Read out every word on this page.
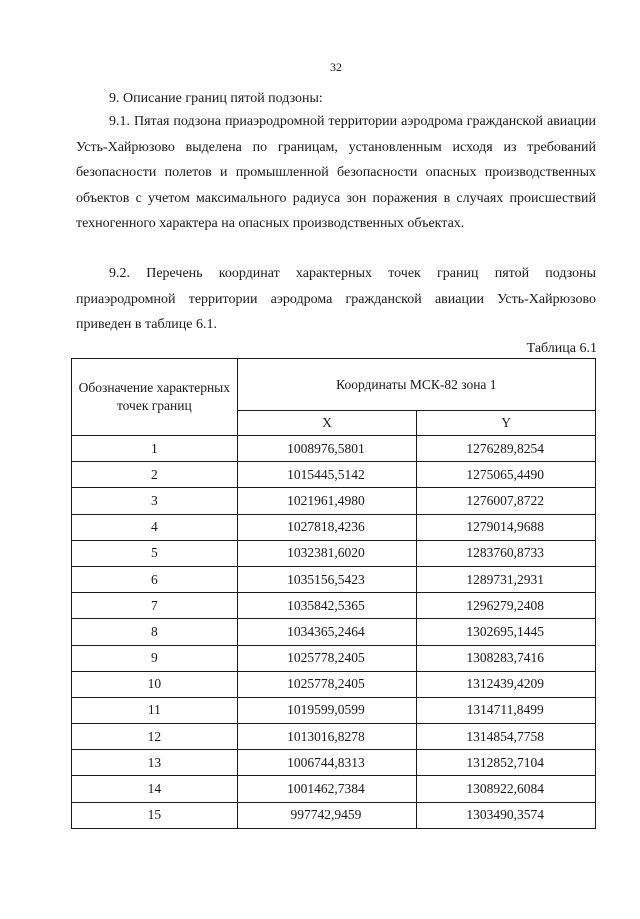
32
9. Описание границ пятой подзоны:

9.1. Пятая подзона приаэродромной территории аэродрома гражданской авиации Усть-Хайрюзово выделена по границам, установленным исходя из требований безопасности полетов и промышленной безопасности опасных производственных объектов с учетом максимального радиуса зон поражения в случаях происшествий техногенного характера на опасных производственных объектах.

9.2. Перечень координат характерных точек границ пятой подзоны приаэродромной территории аэродрома гражданской авиации Усть-Хайрюзово приведен в таблице 6.1.

Таблица 6.1
Обозначение характерных точек границ	Координаты МСК-82 зона 1	
	X	Y
1	1008976,5801	1276289,8254
2	1015445,5142	1275065,4490
3	1021961,4980	1276007,8722
4	1027818,4236	1279014,9688
5	1032381,6020	1283760,8733
6	1035156,5423	1289731,2931
7	1035842,5365	1296279,2408
8	1034365,2464	1302695,1445
9	1025778,2405	1308283,7416
10	1025778,2405	1312439,4209
11	1019599,0599	1314711,8499
12	1013016,8278	1314854,7758
13	1006744,8313	1312852,7104
14	1001462,7384	1308922,6084
15	997742,9459	1303490,3574
